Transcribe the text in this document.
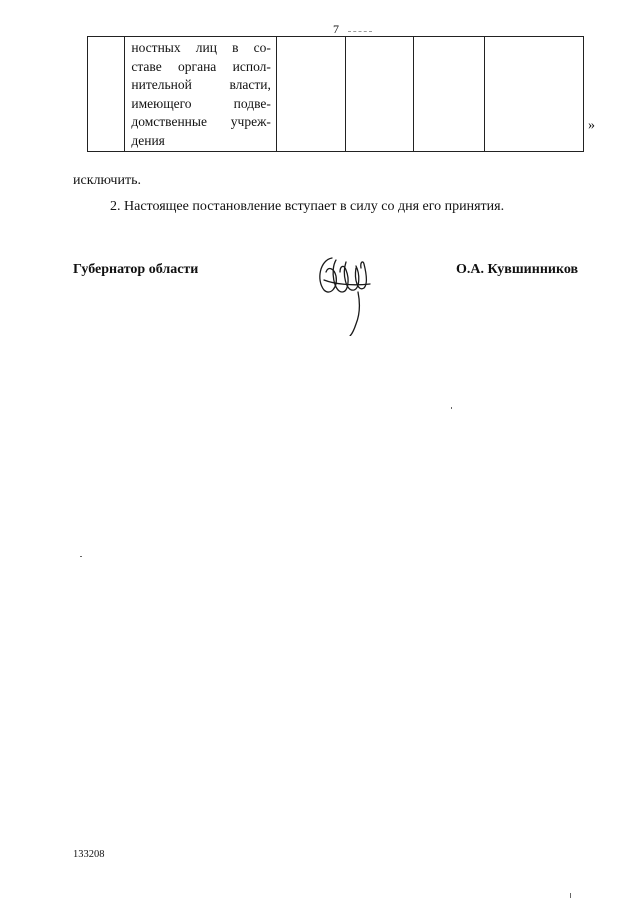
7

ностных лиц в со-
ставе органа испол-
нительной власти,
имеющего подве-
домственные учреж-
дения

»
исключить.
2. Настоящее постановление вступает в силу со дня его принятия.
Губернатор области	О.А. Кувшинников
133208
